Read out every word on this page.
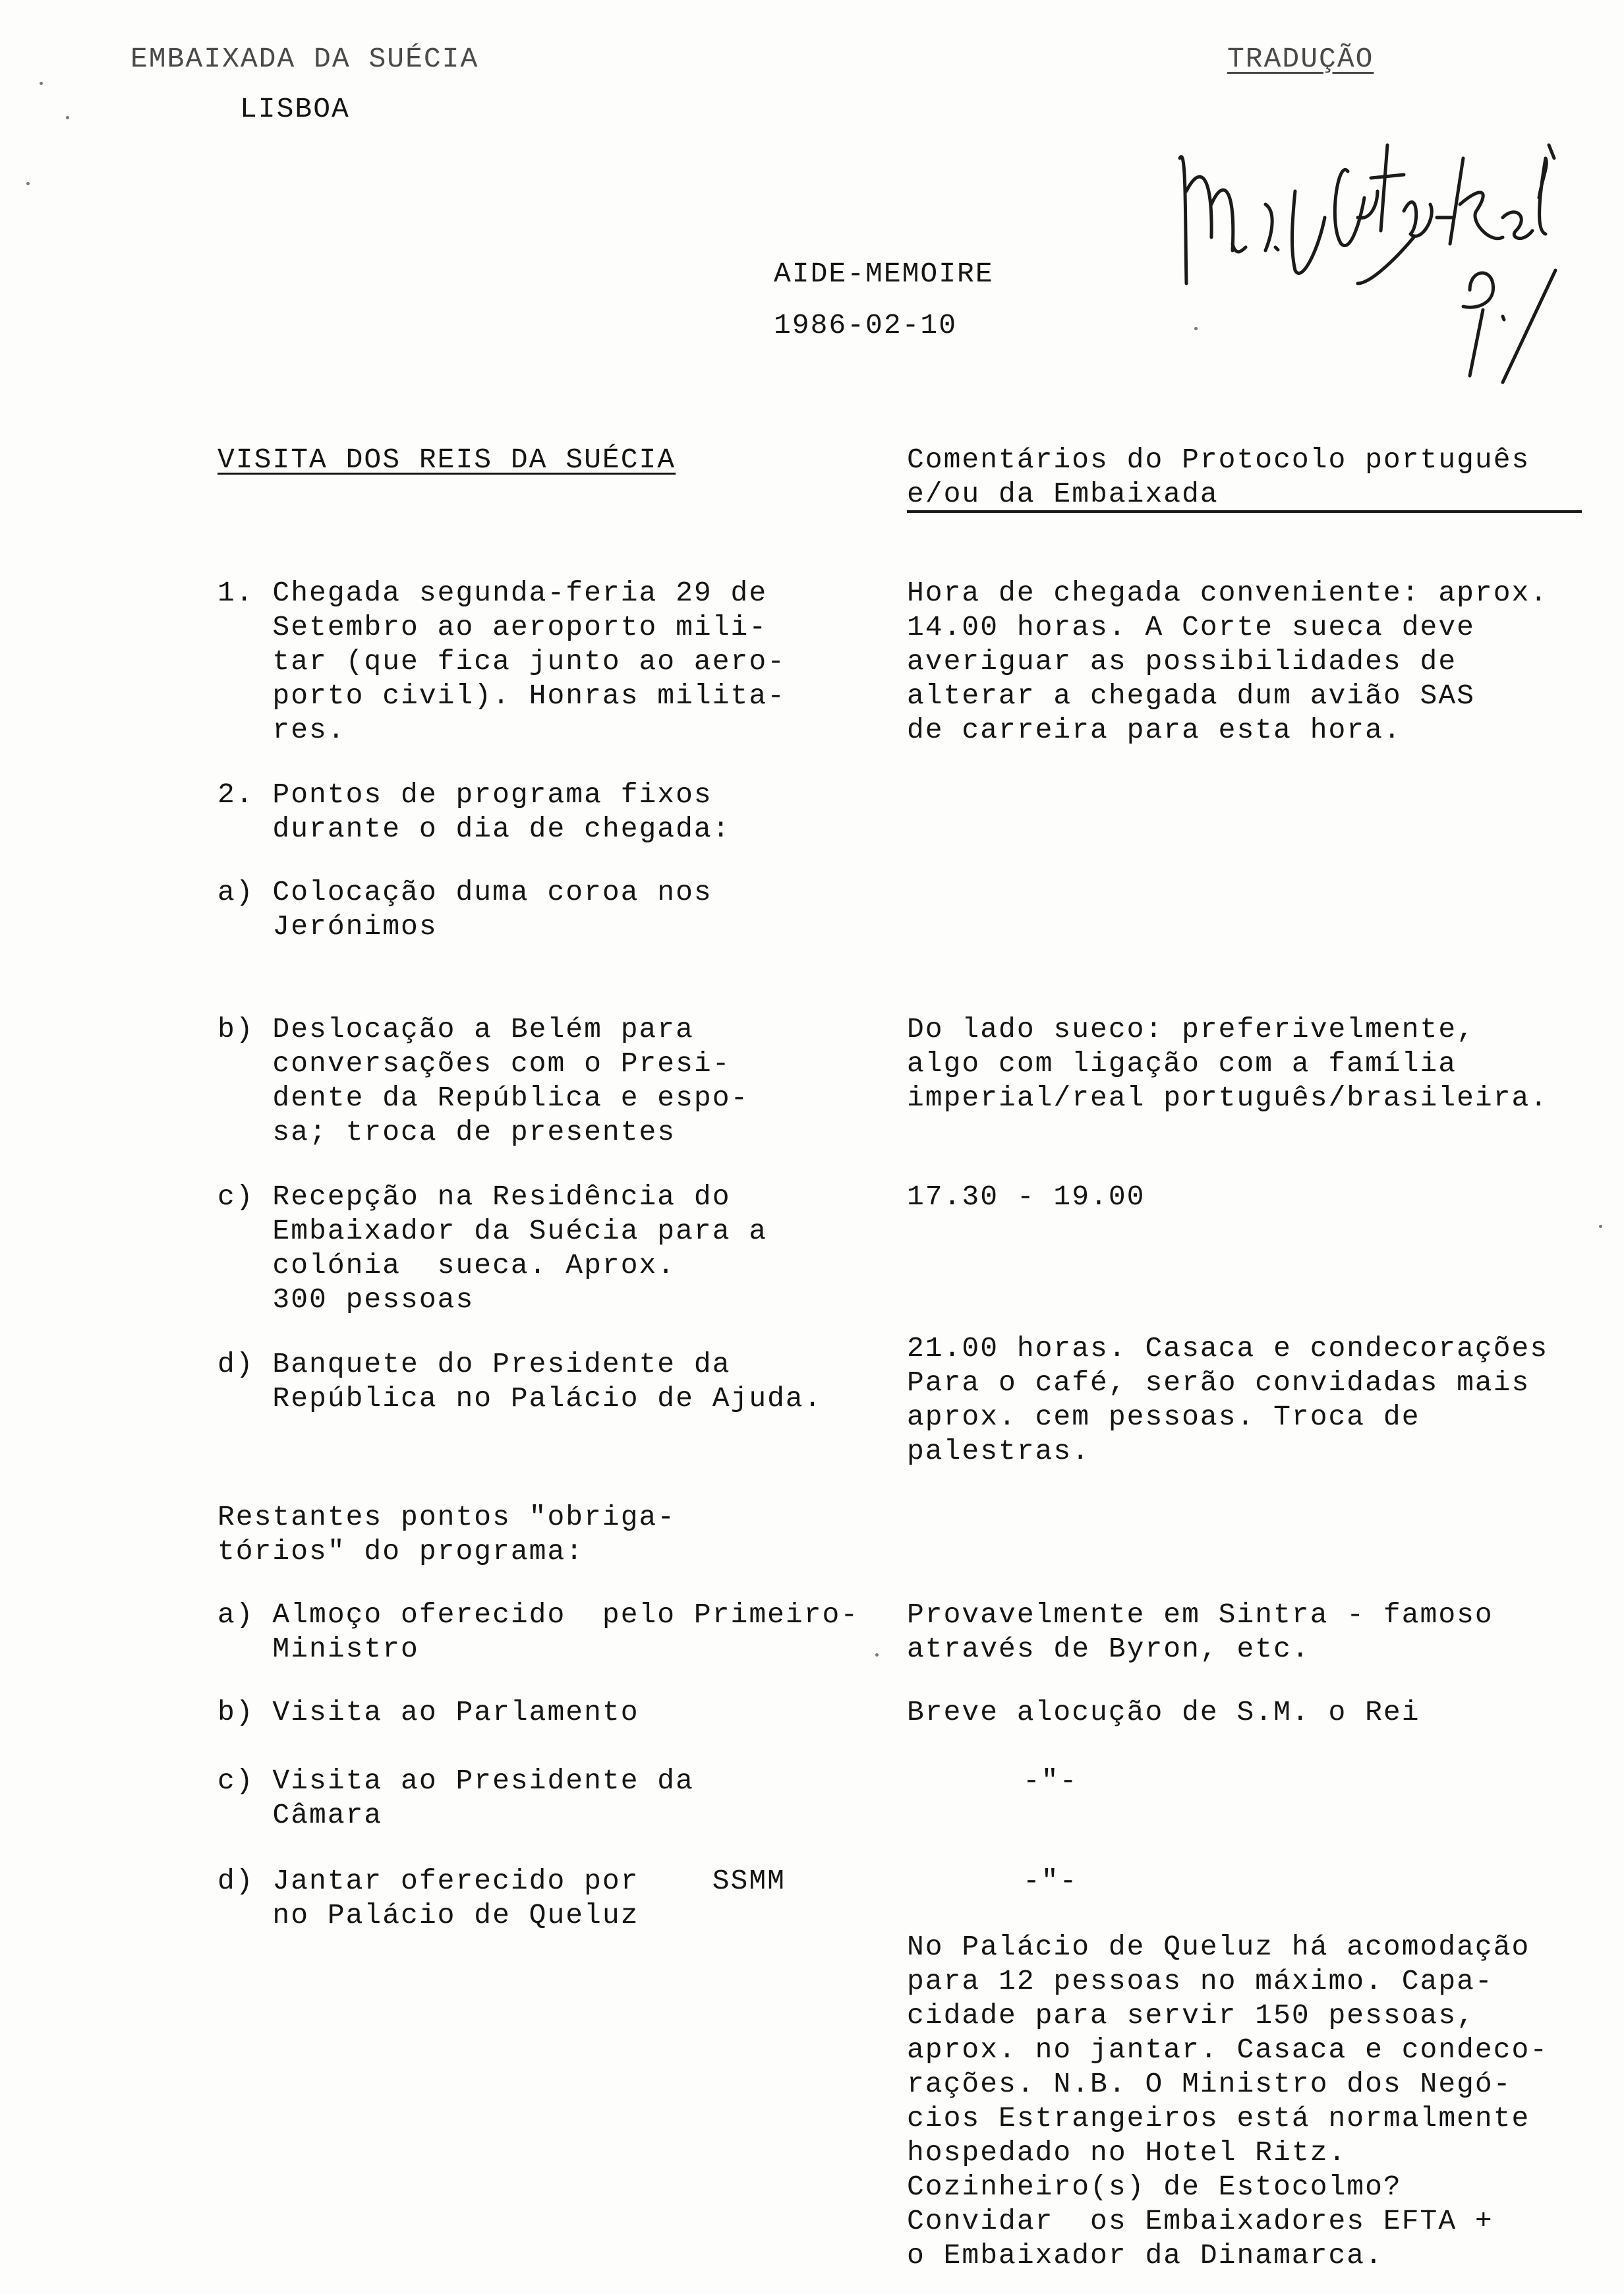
EMBAIXADA DA SUÉCIA
LISBOA
TRADUÇÃO
AIDE-MEMOIRE
1986-02-10
VISITA DOS REIS DA SUÉCIA	Comentários do Protocolo português
e/ou da Embaixada
1. Chegada segunda-feria 29 de
Setembro ao aeroporto mili-
tar (que fica junto ao aero-
porto civil). Honras milita-
res.
Hora de chegada conveniente: aprox.
14.00 horas. A Corte sueca deve
averiguar as possibilidades de
alterar a chegada dum avião SAS
de carreira para esta hora.
2. Pontos de programa fixos
durante o dia de chegada:
a) Colocação duma coroa nos
Jerónimos
b) Deslocação a Belém para
conversações com o Presi-
dente da República e espo-
sa; troca de presentes
Do lado sueco: preferivelmente,
algo com ligação com a família
imperial/real português/brasileira.
c) Recepção na Residência do
Embaixador da Suécia para a
colónia  sueca. Aprox.
300 pessoas
17.30 - 19.00
d) Banquete do Presidente da
República no Palácio de Ajuda.
21.00 horas. Casaca e condecorações
Para o café, serão convidadas mais
aprox. cem pessoas. Troca de
palestras.
Restantes pontos "obriga-
tórios" do programa:
a) Almoço oferecido  pelo Primeiro-
Ministro
Provavelmente em Sintra - famoso
através de Byron, etc.
b) Visita ao Parlamento	Breve alocução de S.M. o Rei
c) Visita ao Presidente da
Câmara
-"-
d) Jantar oferecido por    SSMM
no Palácio de Queluz
-"-
No Palácio de Queluz há acomodação
para 12 pessoas no máximo. Capa-
cidade para servir 150 pessoas,
aprox. no jantar. Casaca e condeco-
rações. N.B. O Ministro dos Negó-
cios Estrangeiros está normalmente
hospedado no Hotel Ritz.
Cozinheiro(s) de Estocolmo?
Convidar  os Embaixadores EFTA +
o Embaixador da Dinamarca.
